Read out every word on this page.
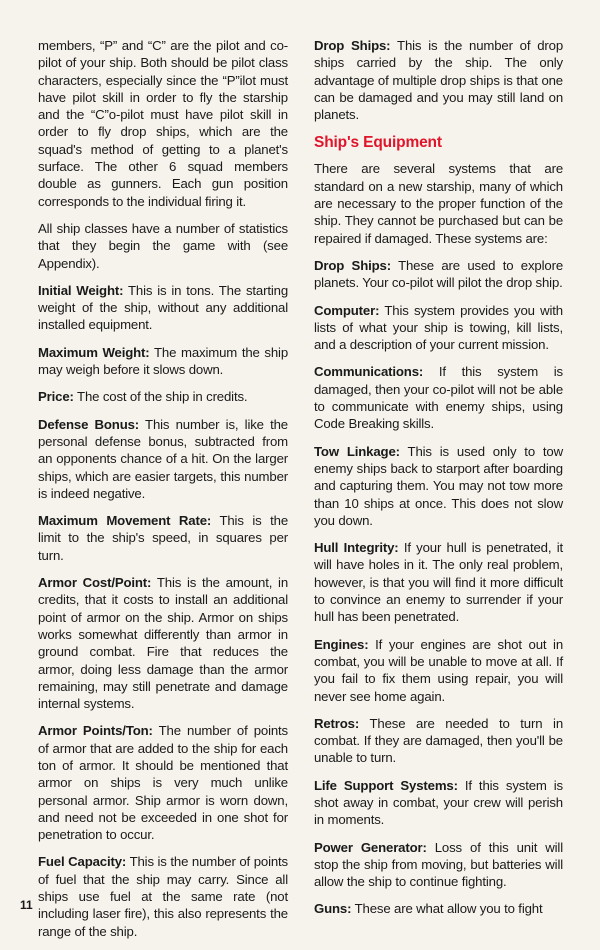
members, “P” and “C” are the pilot and co-pilot of your ship. Both should be pilot class characters, especially since the “P”ilot must have pilot skill in order to fly the starship and the “C”o-pilot must have pilot skill in order to fly drop ships, which are the squad's method of getting to a planet's surface. The other 6 squad members double as gunners. Each gun position corresponds to the individual firing it.

All ship classes have a number of statistics that they begin the game with (see Appendix).

Initial Weight: This is in tons. The starting weight of the ship, without any additional installed equipment.

Maximum Weight: The maximum the ship may weigh before it slows down.

Price: The cost of the ship in credits.

Defense Bonus: This number is, like the personal defense bonus, subtracted from an opponents chance of a hit. On the larger ships, which are easier targets, this number is indeed negative.

Maximum Movement Rate: This is the limit to the ship's speed, in squares per turn.

Armor Cost/Point: This is the amount, in credits, that it costs to install an additional point of armor on the ship. Armor on ships works somewhat differently than armor in ground combat. Fire that reduces the armor, doing less damage than the armor remaining, may still penetrate and damage internal systems.

Armor Points/Ton: The number of points of armor that are added to the ship for each ton of armor. It should be mentioned that armor on ships is very much unlike personal armor. Ship armor is worn down, and need not be exceeded in one shot for penetration to occur.

Fuel Capacity: This is the number of points of fuel that the ship may carry. Since all ships use fuel at the same rate (not including laser fire), this also represents the range of the ship.

Drop Ships: This is the number of drop ships carried by the ship. The only advantage of multiple drop ships is that one can be damaged and you may still land on planets.

Ship's Equipment

There are several systems that are standard on a new starship, many of which are necessary to the proper function of the ship. They cannot be purchased but can be repaired if damaged. These systems are:

Drop Ships: These are used to explore planets. Your co-pilot will pilot the drop ship.

Computer: This system provides you with lists of what your ship is towing, kill lists, and a description of your current mission.

Communications: If this system is damaged, then your co-pilot will not be able to communicate with enemy ships, using Code Breaking skills.

Tow Linkage: This is used only to tow enemy ships back to starport after boarding and capturing them. You may not tow more than 10 ships at once. This does not slow you down.

Hull Integrity: If your hull is penetrated, it will have holes in it. The only real problem, however, is that you will find it more difficult to convince an enemy to surrender if your hull has been penetrated.

Engines: If your engines are shot out in combat, you will be unable to move at all. If you fail to fix them using repair, you will never see home again.

Retros: These are needed to turn in combat. If they are damaged, then you'll be unable to turn.

Life Support Systems: If this system is shot away in combat, your crew will perish in moments.

Power Generator: Loss of this unit will stop the ship from moving, but batteries will allow the ship to continue fighting.

Guns: These are what allow you to fight

11
